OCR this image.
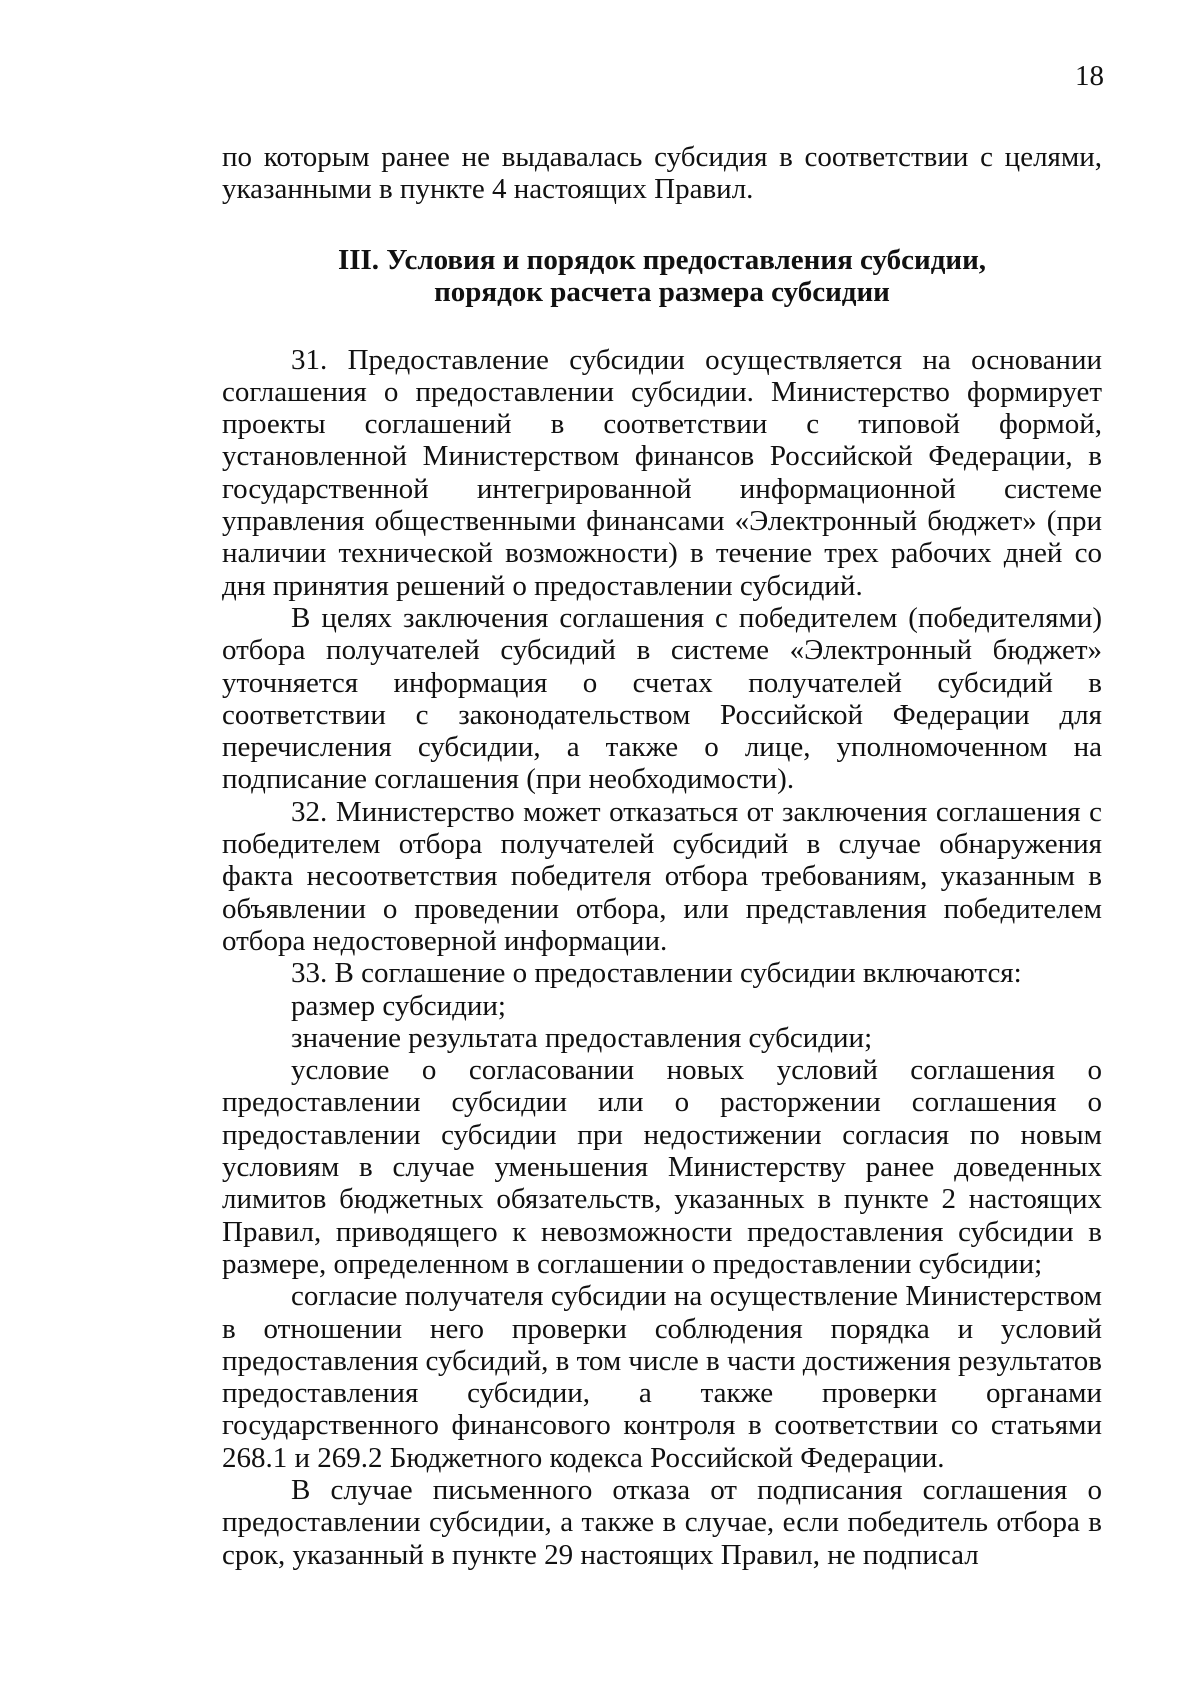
18

по которым ранее не выдавалась субсидия в соответствии с целями, указанными в пункте 4 настоящих Правил.

III. Условия и порядок предоставления субсидии,
порядок расчета размера субсидии

31. Предоставление субсидии осуществляется на основании соглашения о предоставлении субсидии. Министерство формирует проекты соглашений в соответствии с типовой формой, установленной Министерством финансов Российской Федерации, в государственной интегрированной информационной системе управления общественными финансами «Электронный бюджет» (при наличии технической возможности) в течение трех рабочих дней со дня принятия решений о предоставлении субсидий.

В целях заключения соглашения с победителем (победителями) отбора получателей субсидий в системе «Электронный бюджет» уточняется информация о счетах получателей субсидий в соответствии с законодательством Российской Федерации для перечисления субсидии, а также о лице, уполномоченном на подписание соглашения (при необходимости).

32. Министерство может отказаться от заключения соглашения с победителем отбора получателей субсидий в случае обнаружения факта несоответствия победителя отбора требованиям, указанным в объявлении о проведении отбора, или представления победителем отбора недостоверной информации.

33. В соглашение о предоставлении субсидии включаются:

размер субсидии;

значение результата предоставления субсидии;

условие о согласовании новых условий соглашения о предоставлении субсидии или о расторжении соглашения о предоставлении субсидии при недостижении согласия по новым условиям в случае уменьшения Министерству ранее доведенных лимитов бюджетных обязательств, указанных в пункте 2 настоящих Правил, приводящего к невозможности предоставления субсидии в размере, определенном в соглашении о предоставлении субсидии;

согласие получателя субсидии на осуществление Министерством в отношении него проверки соблюдения порядка и условий предоставления субсидий, в том числе в части достижения результатов предоставления субсидии, а также проверки органами государственного финансового контроля в соответствии со статьями 268.1 и 269.2 Бюджетного кодекса Российской Федерации.

В случае письменного отказа от подписания соглашения о предоставлении субсидии, а также в случае, если победитель отбора в срок, указанный в пункте 29 настоящих Правил, не подписал
